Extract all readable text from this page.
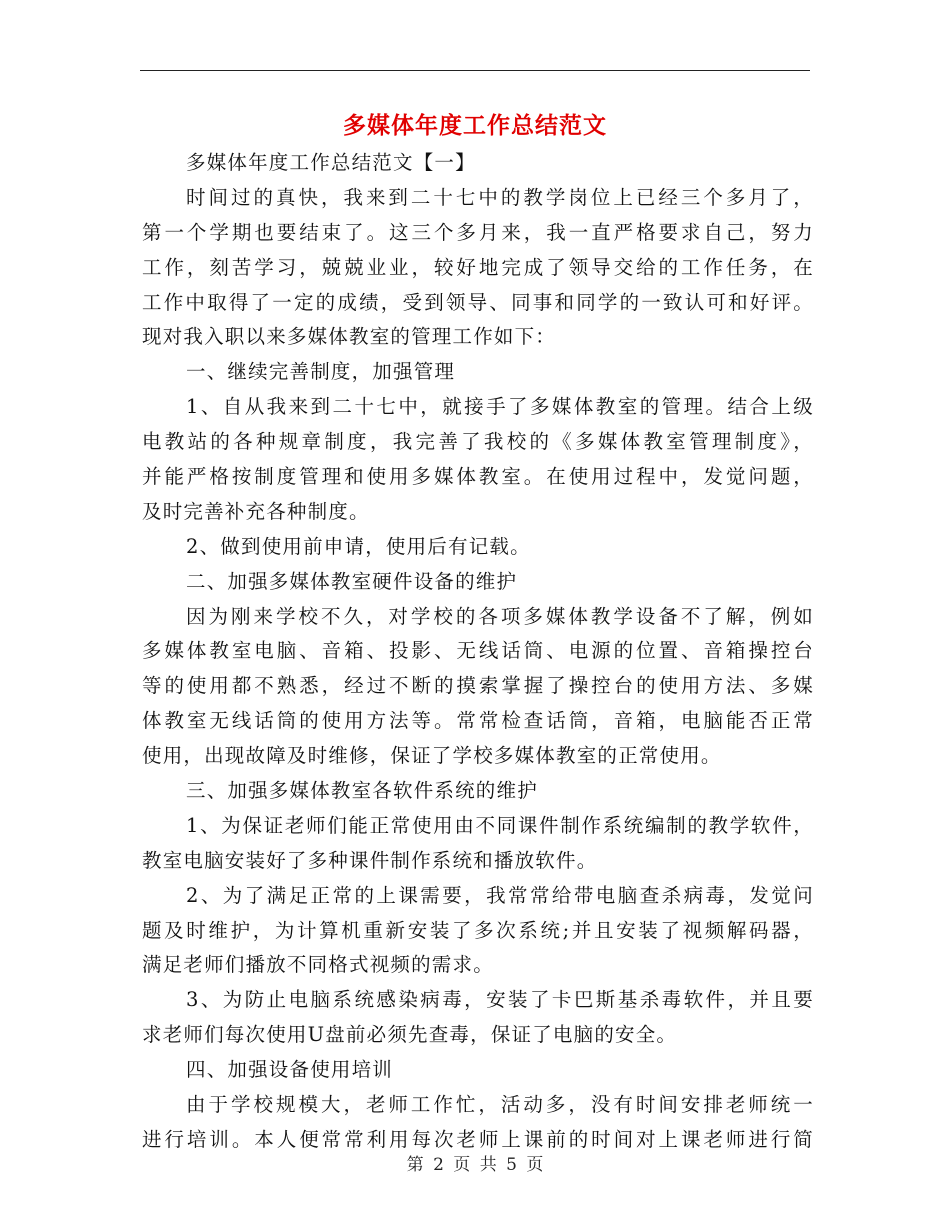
多媒体年度工作总结范文
多媒体年度工作总结范文【一】
时间过的真快，我来到二十七中的教学岗位上已经三个多月了，
第一个学期也要结束了。这三个多月来，我一直严格要求自己，努力
工作，刻苦学习，兢兢业业，较好地完成了领导交给的工作任务，在
工作中取得了一定的成绩，受到领导、同事和同学的一致认可和好评。
现对我入职以来多媒体教室的管理工作如下：
一、继续完善制度，加强管理
1、自从我来到二十七中，就接手了多媒体教室的管理。结合上级
电教站的各种规章制度，我完善了我校的《多媒体教室管理制度》，
并能严格按制度管理和使用多媒体教室。在使用过程中，发觉问题，
及时完善补充各种制度。
2、做到使用前申请，使用后有记载。
二、加强多媒体教室硬件设备的维护
因为刚来学校不久，对学校的各项多媒体教学设备不了解，例如
多媒体教室电脑、音箱、投影、无线话筒、电源的位置、音箱操控台
等的使用都不熟悉，经过不断的摸索掌握了操控台的使用方法、多媒
体教室无线话筒的使用方法等。常常检查话筒，音箱，电脑能否正常
使用，出现故障及时维修，保证了学校多媒体教室的正常使用。
三、加强多媒体教室各软件系统的维护
1、为保证老师们能正常使用由不同课件制作系统编制的教学软件，
教室电脑安装好了多种课件制作系统和播放软件。
2、为了满足正常的上课需要，我常常给带电脑查杀病毒，发觉问
题及时维护，为计算机重新安装了多次系统;并且安装了视频解码器，
满足老师们播放不同格式视频的需求。
3、为防止电脑系统感染病毒，安装了卡巴斯基杀毒软件，并且要
求老师们每次使用U盘前必须先查毒，保证了电脑的安全。
四、加强设备使用培训
由于学校规模大，老师工作忙，活动多，没有时间安排老师统一
进行培训。本人便常常利用每次老师上课前的时间对上课老师进行简
第 2 页 共 5 页
